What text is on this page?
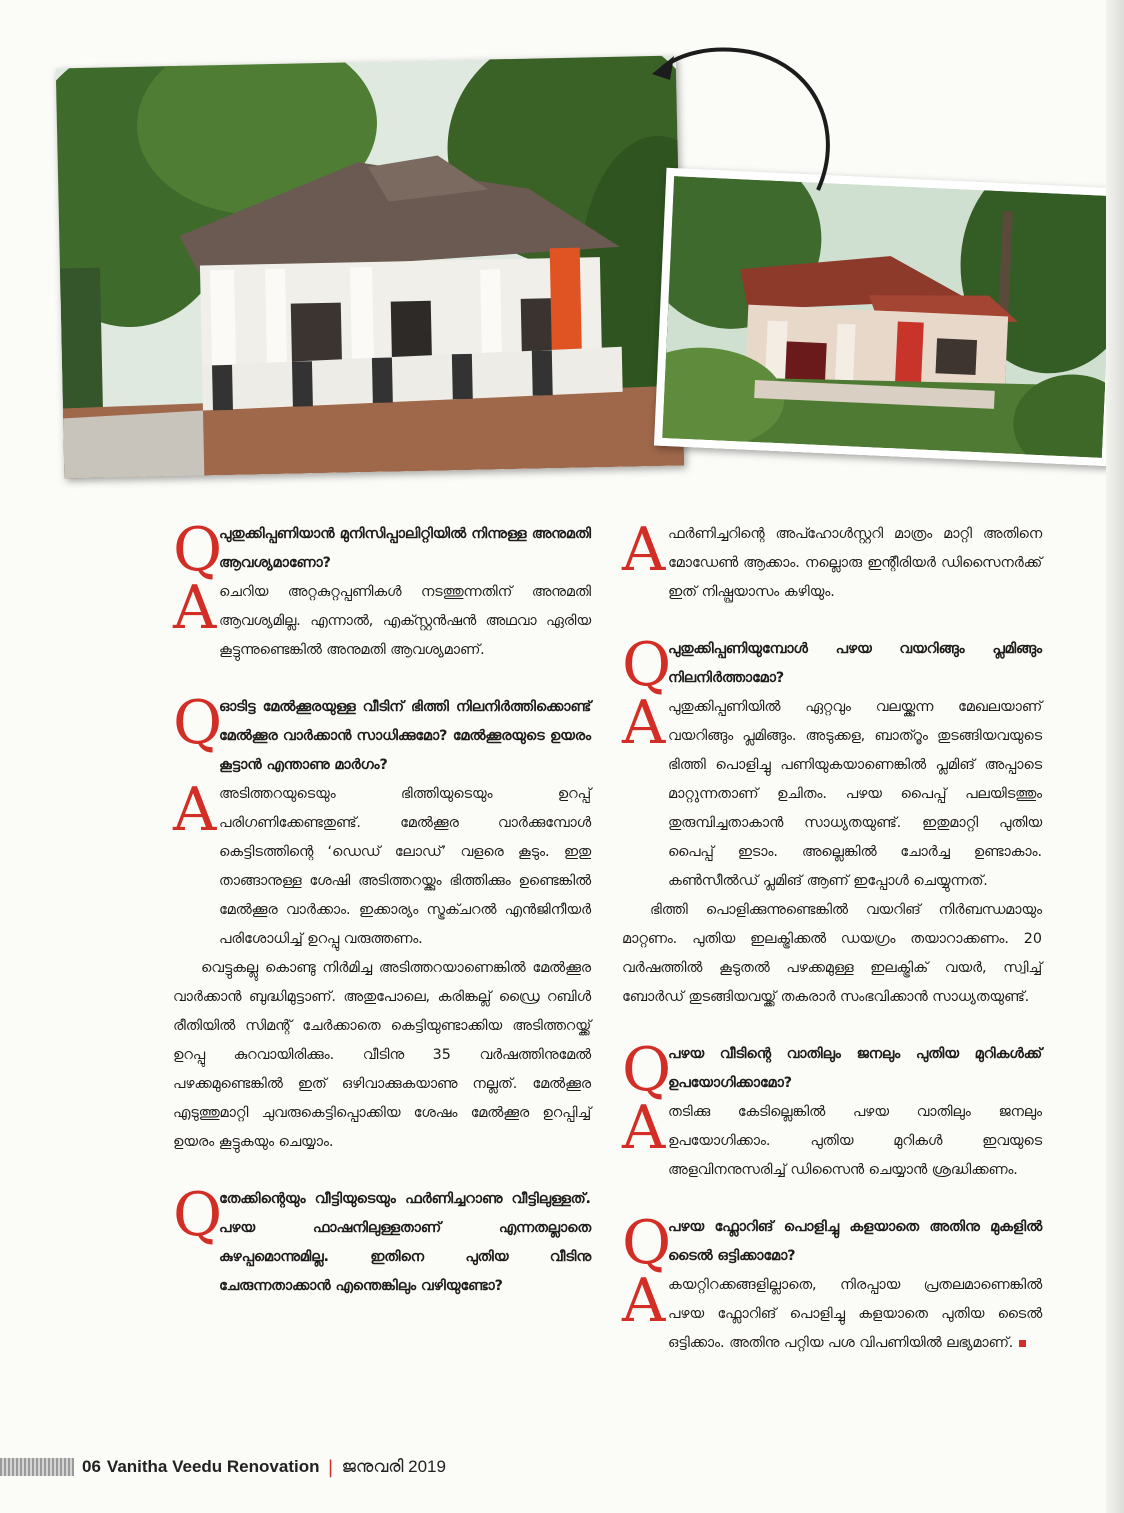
Q
പുതുക്കിപ്പണിയാൻ മുനിസിപ്പാലിറ്റിയിൽ നിന്നുള്ള അനുമതി ആവശ്യമാണോ?
A ചെറിയ അറ്റകുറ്റപ്പണികൾ നടത്തുന്നതിന് അനുമതി ആവശ്യമില്ല. എന്നാൽ, എക്സ്റ്റൻഷൻ അഥവാ ഏരിയ കൂട്ടുന്നുണ്ടെങ്കിൽ അനുമതി ആവശ്യമാണ്.
Q
ഓടിട്ട മേൽക്കൂരയുള്ള വീടിന് ഭിത്തി നിലനിർത്തിക്കൊണ്ട് മേൽക്കൂര വാർക്കാൻ സാധിക്കുമോ? മേൽക്കൂരയുടെ ഉയരം കൂട്ടാൻ എന്താണു മാർഗം?
A അടിത്തറയുടെയും ഭിത്തിയുടെയും ഉറപ്പ് പരിഗണിക്കേണ്ടതുണ്ട്. മേൽക്കൂര വാർക്കുമ്പോൾ കെട്ടിടത്തിന്റെ ‘ഡെഡ് ലോഡ്’ വളരെ കൂടും. ഇതു താങ്ങാനുള്ള ശേഷി അടിത്തറയ്ക്കും ഭിത്തിക്കും ഉണ്ടെങ്കിൽ മേൽക്കൂര വാർക്കാം. ഇക്കാര്യം സ്ട്രക്ചറൽ എൻജിനീയർ പരിശോധിച്ച് ഉറപ്പു വരുത്തണം.
വെട്ടുകല്ലു കൊണ്ടു നിർമിച്ച അടിത്തറയാണെങ്കിൽ മേൽക്കൂര വാർക്കാൻ ബുദ്ധിമുട്ടാണ്. അതുപോലെ, കരിങ്കല്ല് ഡ്രൈ റബിൾ രീതിയിൽ സിമന്റ് ചേർക്കാതെ കെട്ടിയുണ്ടാക്കിയ അടിത്തറയ്ക്ക് ഉറപ്പു കുറവായിരിക്കും. വീടിനു 35 വർഷത്തിനുമേൽ പഴക്കമുണ്ടെങ്കിൽ ഇത് ഒഴിവാക്കുകയാണു നല്ലത്. മേൽക്കൂര എടുത്തുമാറ്റി ചുവരുകെട്ടിപ്പൊക്കിയ ശേഷം മേൽക്കൂര ഉറപ്പിച്ച് ഉയരം കൂട്ടുകയും ചെയ്യാം.
Q
തേക്കിന്റെയും വീട്ടിയുടെയും ഫർണിച്ചറാണു വീട്ടിലുള്ളത്. പഴയ ഫാഷനിലുള്ളതാണ് എന്നതല്ലാതെ കുഴപ്പമൊന്നുമില്ല. ഇതിനെ പുതിയ വീടിനു ചേരുന്നതാക്കാൻ എന്തെങ്കിലും വഴിയുണ്ടോ?
A ഫർണിച്ചറിന്റെ അപ്ഹോൾസ്റ്ററി മാത്രം മാറ്റി അതിനെ മോഡേൺ ആക്കാം. നല്ലൊരു ഇന്റീരിയർ ഡിസൈനർക്ക് ഇത് നിഷ്പ്രയാസം കഴിയും.
Q
പുതുക്കിപ്പണിയുമ്പോൾ പഴയ വയറിങ്ങും പ്ലമിങ്ങും നിലനിർത്താമോ?
A പുതുക്കിപ്പണിയിൽ ഏറ്റവും വലയ്ക്കുന്ന മേഖലയാണ് വയറിങ്ങും പ്ലമിങ്ങും. അടുക്കള, ബാത്റൂം തുടങ്ങിയവയുടെ ഭിത്തി പൊളിച്ചു പണിയുകയാണെങ്കിൽ പ്ലമിങ് അപ്പാടെ മാറ്റുന്നതാണ് ഉചിതം. പഴയ പൈപ്പ് പലയിടത്തും തുരുമ്പിച്ചതാകാൻ സാധ്യതയുണ്ട്. ഇതുമാറ്റി പുതിയ പൈപ്പ് ഇടാം. അല്ലെങ്കിൽ ചോർച്ച ഉണ്ടാകാം. കൺസീൽഡ് പ്ലമിങ് ആണ് ഇപ്പോൾ ചെയ്യുന്നത്.
ഭിത്തി പൊളിക്കുന്നുണ്ടെങ്കിൽ വയറിങ് നിർബന്ധമായും മാറ്റണം. പുതിയ ഇലക്ട്രിക്കൽ ഡയഗ്രം തയാറാക്കണം. 20 വർഷത്തിൽ കൂടുതൽ പഴക്കമുള്ള ഇലക്ട്രിക് വയർ, സ്വിച്ച് ബോർഡ് തുടങ്ങിയവയ്ക്ക് തകരാർ സംഭവിക്കാൻ സാധ്യതയുണ്ട്.
Q
പഴയ വീടിന്റെ വാതിലും ജനലും പുതിയ മുറികൾക്ക് ഉപയോഗിക്കാമോ?
A തടിക്കു കേടില്ലെങ്കിൽ പഴയ വാതിലും ജനലും ഉപയോഗിക്കാം. പുതിയ മുറികൾ ഇവയുടെ അളവിനനുസരിച്ച് ഡിസൈൻ ചെയ്യാൻ ശ്രദ്ധിക്കണം.
Q
പഴയ ഫ്ലോറിങ് പൊളിച്ചു കളയാതെ അതിനു മുകളിൽ ടൈൽ ഒട്ടിക്കാമോ?
A കയറ്റിറക്കങ്ങളില്ലാതെ, നിരപ്പായ പ്രതലമാണെങ്കിൽ പഴയ ഫ്ലോറിങ് പൊളിച്ചു കളയാതെ പുതിയ ടൈൽ ഒട്ടിക്കാം. അതിനു പറ്റിയ പശ വിപണിയിൽ ലഭ്യമാണ്.
06 Vanitha Veedu Renovation | ജനുവരി 2019
